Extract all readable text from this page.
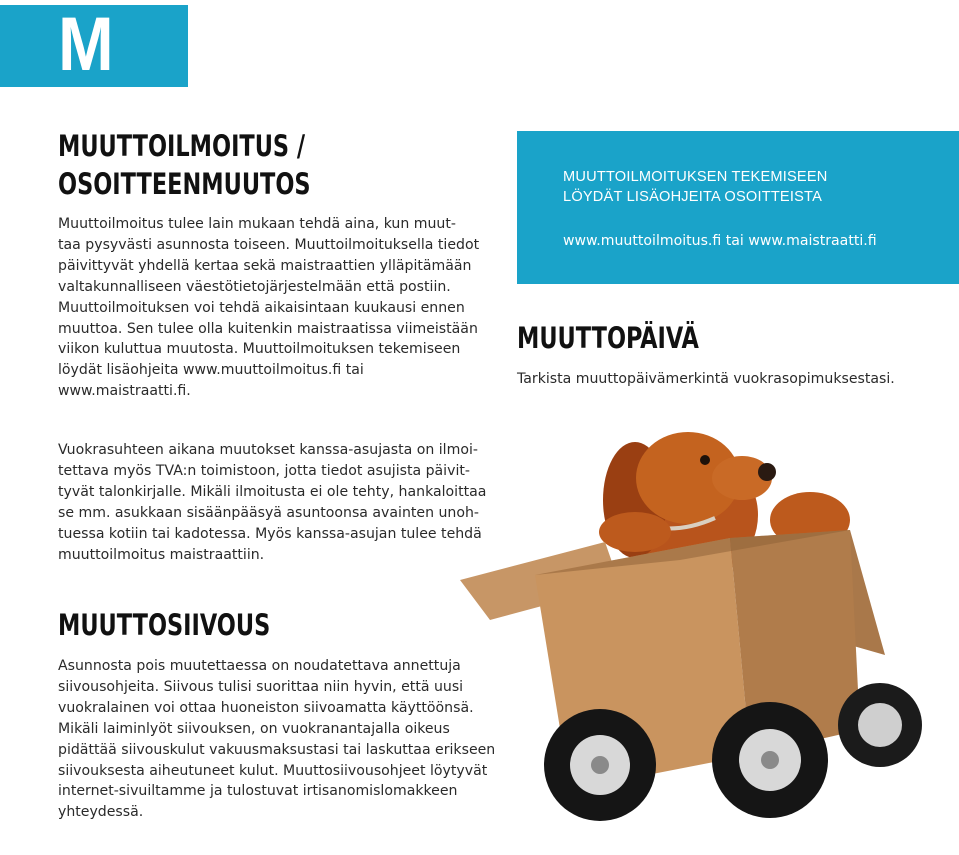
M
MUUTTOILMOITUS /
OSOITTEENMUUTOS
Muuttoilmoitus tulee lain mukaan tehdä aina, kun muut-
taa pysyvästi asunnosta toiseen. Muuttoilmoituksella tiedot
päivittyvät yhdellä kertaa sekä maistraattien ylläpitämään
valtakunnalliseen väestötietojärjestelmään että postiin.
Muuttoilmoituksen voi tehdä aikaisintaan kuukausi ennen
muuttoa. Sen tulee olla kuitenkin maistraatissa viimeistään
viikon kuluttua muutosta. Muuttoilmoituksen tekemiseen
löydät lisäohjeita www.muuttoilmoitus.fi tai
www.maistraatti.fi.
Vuokrasuhteen aikana muutokset kanssa-asujasta on ilmoi-
tettava myös TVA:n toimistoon, jotta tiedot asujista päivit-
tyvät talonkirjalle. Mikäli ilmoitusta ei ole tehty, hankaloittaa
se mm. asukkaan sisäänpääsyä asuntoonsa avainten unoh-
tuessa kotiin tai kadotessa. Myös kanssa-asujan tulee tehdä
muuttoilmoitus maistraattiin.
MUUTTOILMOITUKSEN TEKEMISEEN
LÖYDÄT LISÄOHJEITA OSOITTEISTA
www.muuttoilmoitus.fi tai www.maistraatti.fi
MUUTTOPÄIVÄ
Tarkista muuttopäivämerkintä vuokrasopimuksestasi.
MUUTTOSIIVOUS
Asunnosta pois muutettaessa on noudatettava annettuja
siivousohjeita. Siivous tulisi suorittaa niin hyvin, että uusi
vuokralainen voi ottaa huoneiston siivoamatta käyttöönsä.
Mikäli laiminlyöt siivouksen, on vuokranantajalla oikeus
pidättää siivouskulut vakuusmaksustasi tai laskuttaa erikseen
siivouksesta aiheutuneet kulut. Muuttosiivousohjeet löytyvät
internet-sivuiltamme ja tulostuvat irtisanomislomakkeen
yhteydessä.
